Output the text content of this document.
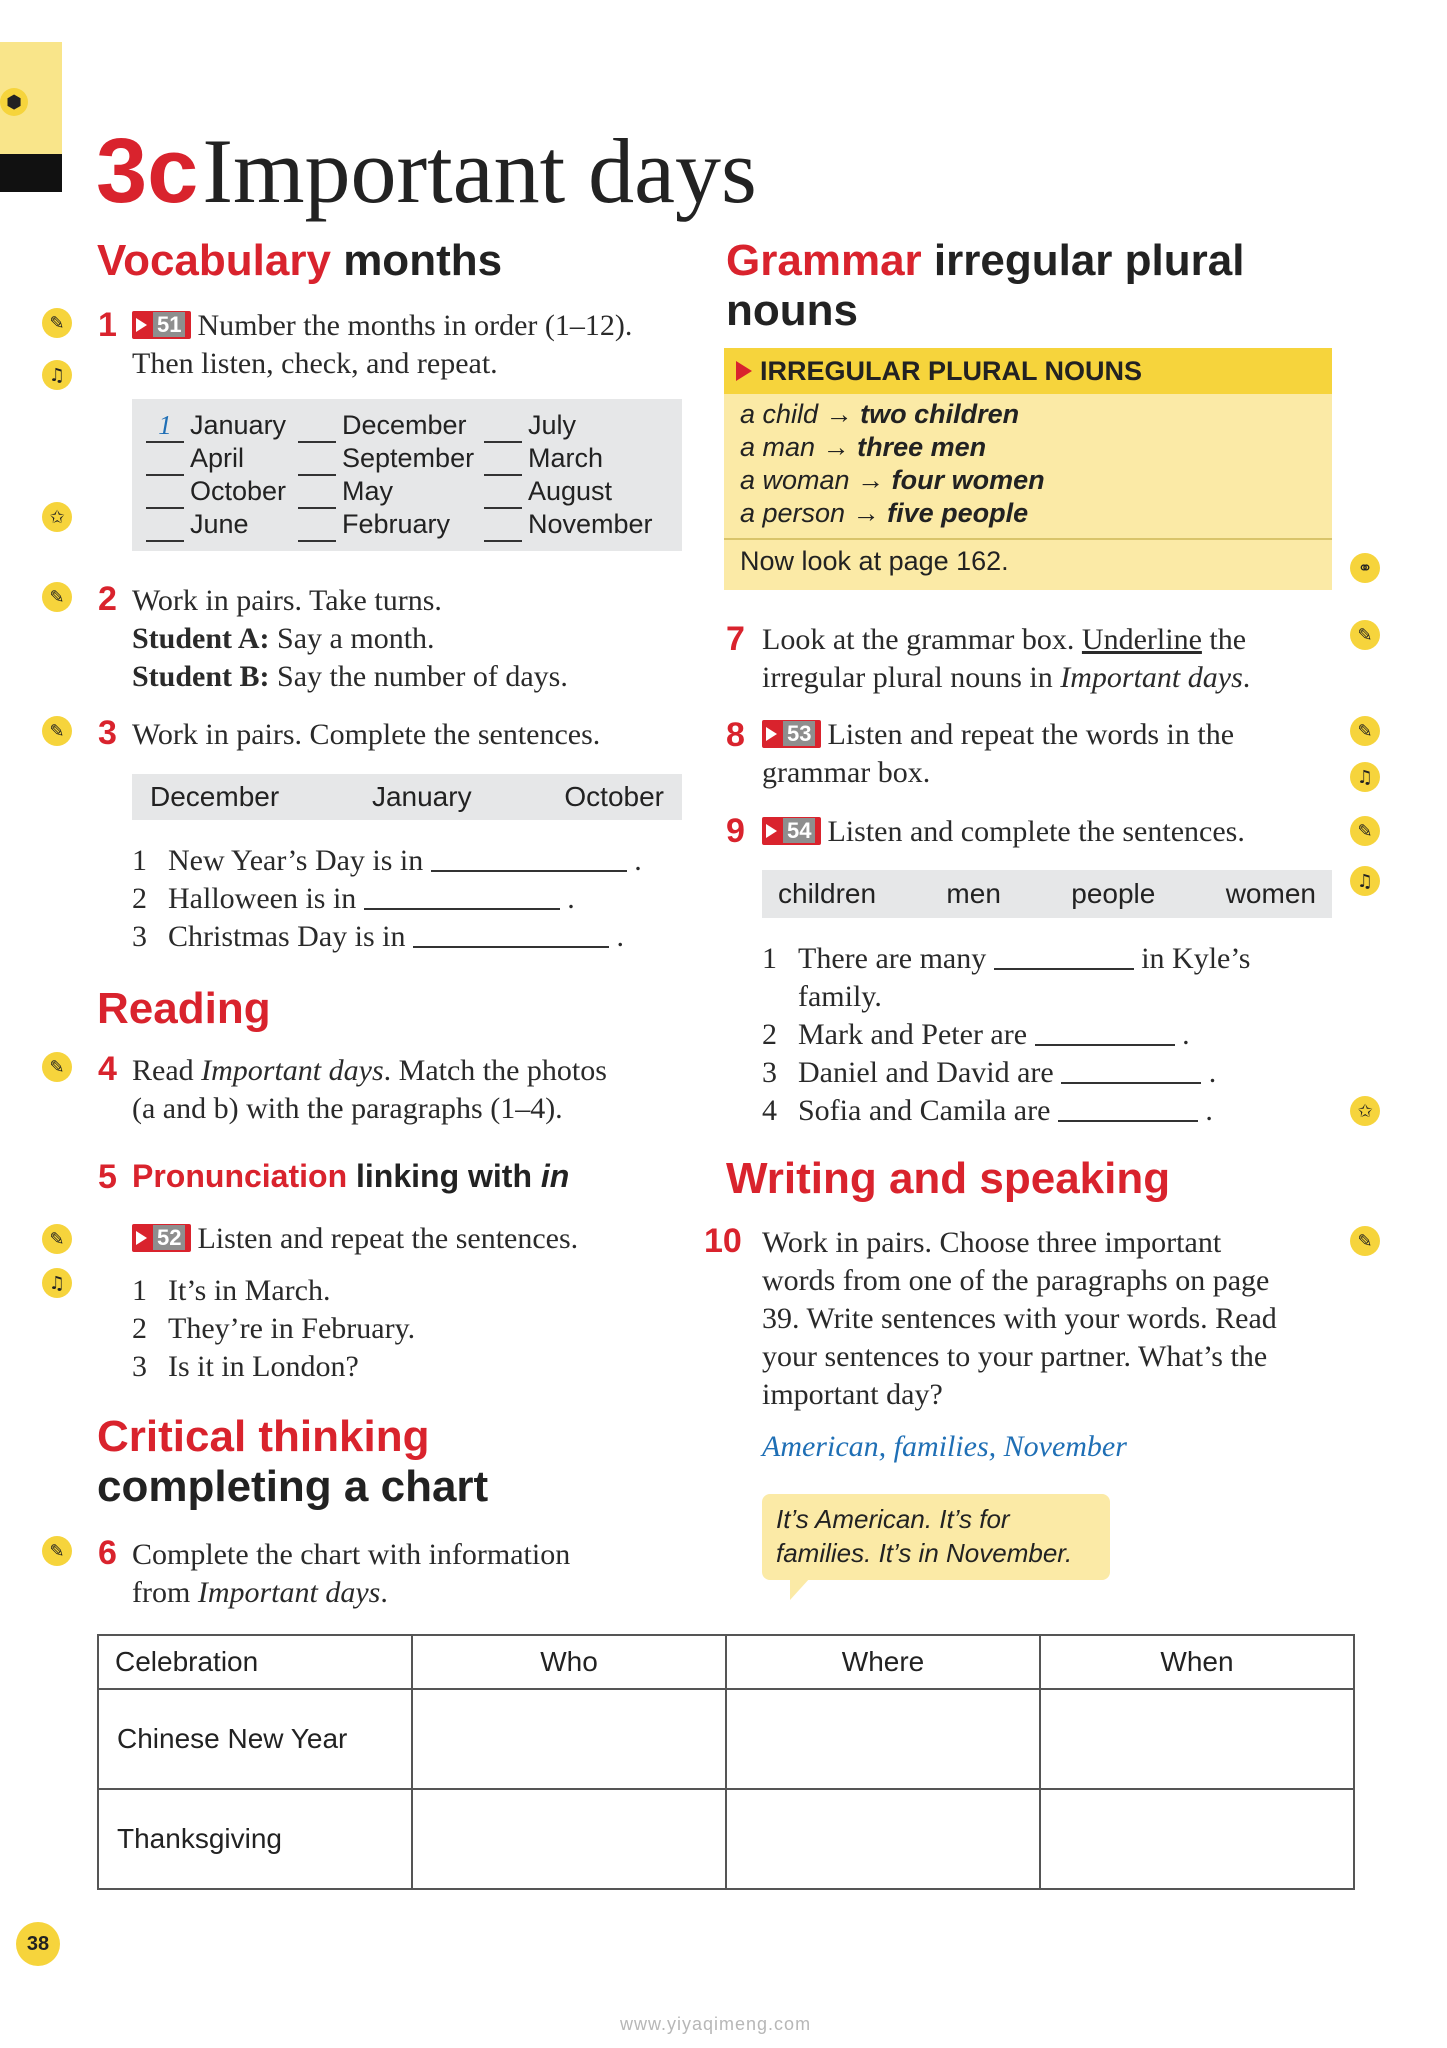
⬢
3c Important days
Vocabulary months
✎
♫
1	51 Number the months in order (1–12).
Then listen, check, and repeat.
✩
1 January	December	July
April	September	March
October	May	August
June	February	November
✎ 2 Work in pairs. Take turns.
Student A: Say a month.
Student B: Say the number of days.
✎ 3 Work in pairs. Complete the sentences.
December	January	October
1 New Year’s Day is in	.
2 Halloween is in	.
3 Christmas Day is in	.
Reading
✎ 4 Read Important days. Match the photos
(a and b) with the paragraphs (1–4).
5 Pronunciation linking with in
✎
♫
52 Listen and repeat the sentences.
1 It’s in March.
2 They’re in February.
3 Is it in London?
Critical thinking
completing a chart
✎ 6 Complete the chart with information
from Important days.
Celebration	Who	Where	When
Chinese New Year			
Thanksgiving			
38
www.yiyaqimeng.com
Grammar irregular plural
nouns
IRREGULAR PLURAL NOUNS
a child → two children
a man → three men
a woman → four women
a person → five people
Now look at page 162.	⚭
✎
7 Look at the grammar box. Underline the
irregular plural nouns in Important days.
✎
♫
8	53 Listen and repeat the words in the
grammar box.
✎
♫
9	54 Listen and complete the sentences.
children	men	people	women
1 There are many	in Kyle’s
family.
2 Mark and Peter are	.
3 Daniel and David are	.
4 Sofia and Camila are	.	✩
Writing and speaking
✎
10 Work in pairs. Choose three important
words from one of the paragraphs on page
39. Write sentences with your words. Read
your sentences to your partner. What’s the
important day?
American, families, November
It’s American. It’s for
families. It’s in November.
